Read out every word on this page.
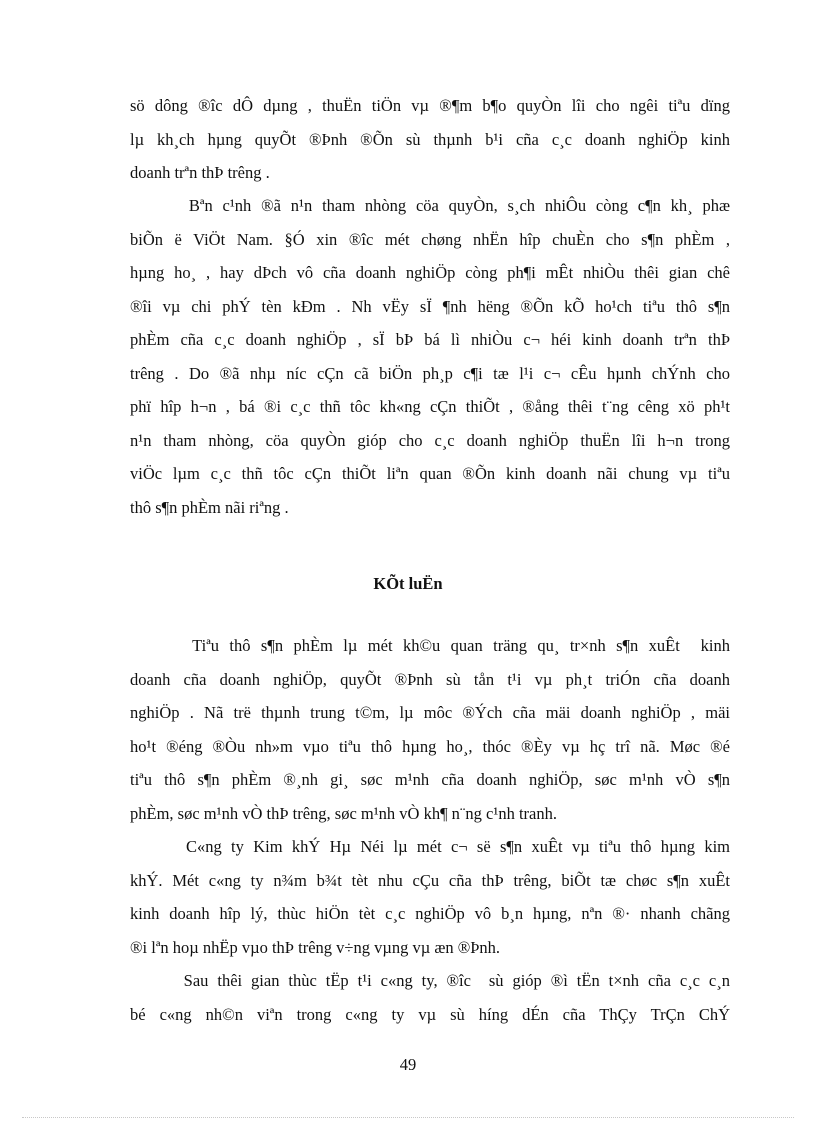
sö dông ®îc dÔ dµng , thuËn tiÖn vµ ®¶m b¶o quyÒn lîi cho ngêi tiªu dïng
lµ kh¸ch hµng quyÕt ®Þnh ®Õn sù thµnh b¹i cña c¸c doanh nghiÖp kinh
doanh trªn thÞ trêng .
Bªn c¹nh ®ã n¹n tham nhòng cöa quyÒn, s¸ch nhiÔu còng c¶n kh¸ phæ
biÕn ë ViÖt Nam. §Ó xin ®îc mét chøng nhËn hîp chuÈn cho s¶n phÈm ,
hµng ho¸ , hay dÞch vô cña doanh nghiÖp còng ph¶i mÊt nhiÒu thêi gian chê
®îi vµ chi phÝ tèn kÐm . Nh vËy sÏ ¶nh hëng ®Õn kÕ ho¹ch tiªu thô s¶n
phÈm cña c¸c doanh nghiÖp , sÏ bÞ bá lì nhiÒu c¬ héi kinh doanh trªn thÞ
trêng . Do ®ã nhµ níc cÇn cã biÖn ph¸p c¶i tæ l¹i c¬ cÊu hµnh chÝnh cho
phï hîp h¬n , bá ®i c¸c thñ tôc kh«ng cÇn thiÕt , ®ång thêi t¨ng cêng xö ph¹t
n¹n tham nhòng, cöa quyÒn gióp cho c¸c doanh nghiÖp thuËn lîi h¬n trong
viÖc lµm c¸c thñ tôc cÇn thiÕt liªn quan ®Õn kinh doanh nãi chung vµ tiªu
thô s¶n phÈm nãi riªng .
KÕt luËn
Tiªu thô s¶n phÈm lµ mét kh©u quan träng qu¸ tr×nh s¶n xuÊt  kinh
doanh cña doanh nghiÖp, quyÕt ®Þnh sù tån t¹i vµ ph¸t triÓn cña doanh
nghiÖp . Nã trë thµnh trung t©m, lµ môc ®Ých cña mäi doanh nghiÖp , mäi
ho¹t ®éng ®Òu nh»m vµo tiªu thô hµng ho¸, thóc ®Èy vµ hç trî nã. Møc ®é
tiªu thô s¶n phÈm ®¸nh gi¸ søc m¹nh cña doanh nghiÖp, søc m¹nh vÒ s¶n
phÈm, søc m¹nh vÒ thÞ trêng, søc m¹nh vÒ kh¶ n¨ng c¹nh tranh.
C«ng ty Kim khÝ Hµ Néi lµ mét c¬ së s¶n xuÊt vµ tiªu thô hµng kim
khÝ. Mét c«ng ty n¾m b¾t tèt nhu cÇu cña thÞ trêng, biÕt tæ chøc s¶n xuÊt
kinh doanh hîp lý, thùc hiÖn tèt c¸c nghiÖp vô b¸n hµng, nªn ®· nhanh chãng
®i lªn hoµ nhËp vµo thÞ trêng v÷ng vµng vµ æn ®Þnh.
Sau thêi gian thùc tËp t¹i c«ng ty, ®îc  sù gióp ®ì tËn t×nh cña c¸c c¸n
bé c«ng nh©n viªn trong c«ng ty vµ sù híng dÉn cña ThÇy TrÇn ChÝ
49
